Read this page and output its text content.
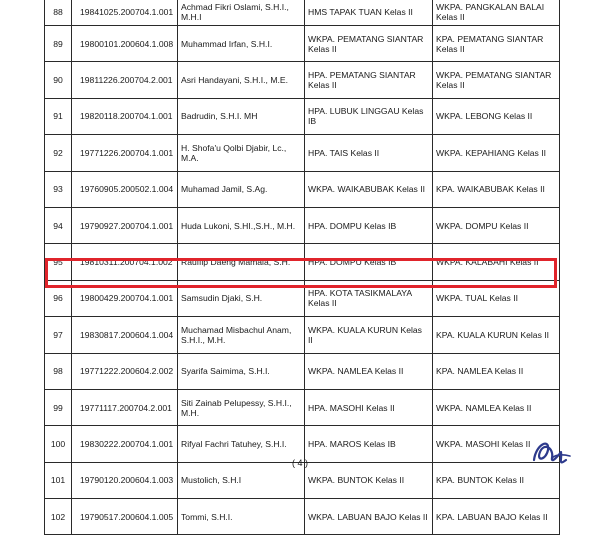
88	19841025.200704.1.001	Achmad Fikri Oslami, S.H.I., M.H.I	HMS TAPAK TUAN Kelas II	WKPA. PANGKALAN BALAI Kelas II
89	19800101.200604.1.008	Muhammad Irfan, S.H.I.	WKPA. PEMATANG SIANTAR Kelas II	KPA. PEMATANG SIANTAR Kelas II
90	19811226.200704.2.001	Asri Handayani, S.H.I., M.E.	HPA. PEMATANG SIANTAR Kelas II	WKPA. PEMATANG SIANTAR Kelas II
91	19820118.200704.1.001	Badrudin, S.H.I. MH	HPA. LUBUK LINGGAU Kelas IB	WKPA. LEBONG Kelas II
92	19771226.200704.1.001	H. Shofa'u Qolbi Djabir, Lc., M.A.	HPA. TAIS Kelas II	WKPA. KEPAHIANG Kelas II
93	19760905.200502.1.004	Muhamad Jamil, S.Ag.	WKPA. WAIKABUBAK Kelas II	KPA. WAIKABUBAK Kelas II
94	19790927.200704.1.001	Huda Lukoni, S.HI.,S.H., M.H.	HPA. DOMPU Kelas IB	WKPA. DOMPU Kelas II
95	19810311.200704.1.002	Rauffip Daeng Mamala, S.H.	HPA. DOMPU Kelas IB	WKPA. KALABAHI Kelas II
96	19800429.200704.1.001	Samsudin Djaki, S.H.	HPA. KOTA TASIKMALAYA Kelas II	WKPA. TUAL Kelas II
97	19830817.200604.1.004	Muchamad Misbachul Anam, S.H.I., M.H.	WKPA. KUALA KURUN Kelas II	KPA. KUALA KURUN Kelas II
98	19771222.200604.2.002	Syarifa Saimima, S.H.I.	WKPA. NAMLEA Kelas II	KPA. NAMLEA Kelas II
99	19771117.200704.2.001	Siti Zainab Pelupessy, S.H.I., M.H.	HPA. MASOHI Kelas II	WKPA. NAMLEA Kelas II
100	19830222.200704.1.001	Rifyal Fachri Tatuhey, S.H.I.	HPA. MAROS Kelas IB	WKPA. MASOHI Kelas II
101	19790120.200604.1.003	Mustolich, S.H.I	WKPA. BUNTOK Kelas II	KPA. BUNTOK Kelas II
102	19790517.200604.1.005	Tommi, S.H.I.	WKPA. LABUAN BAJO Kelas II	KPA. LABUAN BAJO Kelas II
( 4 )
